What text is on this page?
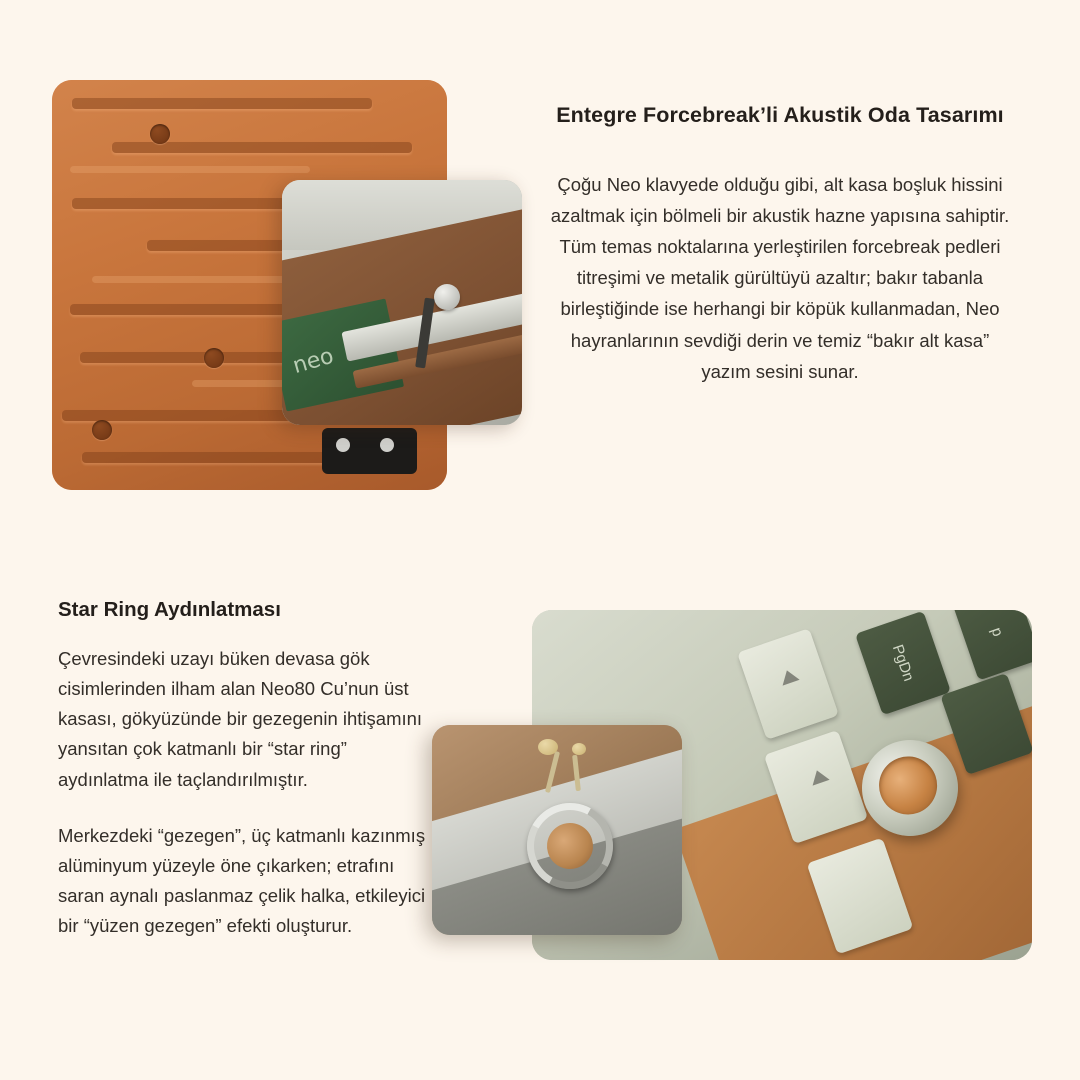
neo
Entegre Forcebreak’li Akustik Oda Tasarımı

Çoğu Neo klavyede olduğu gibi, alt kasa boşluk hissini azaltmak için bölmeli bir akustik hazne yapısına sahiptir. Tüm temas noktalarına yerleştirilen forcebreak pedleri titreşimi ve metalik gürültüyü azaltır; bakır tabanla birleştiğinde ise herhangi bir köpük kullanmadan, Neo hayranlarının sevdiği derin ve temiz “bakır alt kasa” yazım sesini sunar.

Star Ring Aydınlatması

Çevresindeki uzayı büken devasa gök cisimlerinden ilham alan Neo80 Cu’nun üst kasası, gökyüzünde bir gezegenin ihtişamını yansıtan çok katmanlı bir “star ring” aydınlatma ile taçlandırılmıştır.

Merkezdeki “gezegen”, üç katmanlı kazınmış alüminyum yüzeyle öne çıkarken; etrafını saran aynalı paslanmaz çelik halka, etkileyici bir “yüzen gezegen” efekti oluşturur.

PgDn
p
